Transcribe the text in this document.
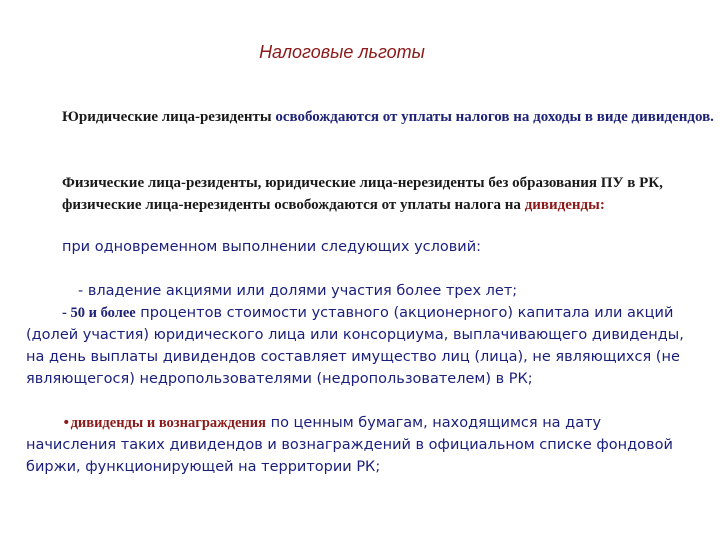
Налоговые льготы

Юридические лица-резиденты освобождаются от уплаты налогов на доходы в виде дивидендов.

Физические лица-резиденты, юридические лица-нерезиденты без образования ПУ в РК, физические лица-нерезиденты освобождаются от уплаты налога на дивиденды:

при одновременном выполнении следующих условий:

- владение акциями или долями участия более трех лет;

- 50 и более процентов стоимости уставного (акционерного) капитала или акций (долей участия) юридического лица или консорциума, выплачивающего дивиденды, на день выплаты дивидендов составляет имущество лиц (лица), не являющихся (не являющегося) недропользователями (недропользователем) в РК;

•дивиденды и вознаграждения по ценным бумагам, находящимся на дату начисления таких дивидендов и вознаграждений в официальном списке фондовой биржи, функционирующей на территории РК;
